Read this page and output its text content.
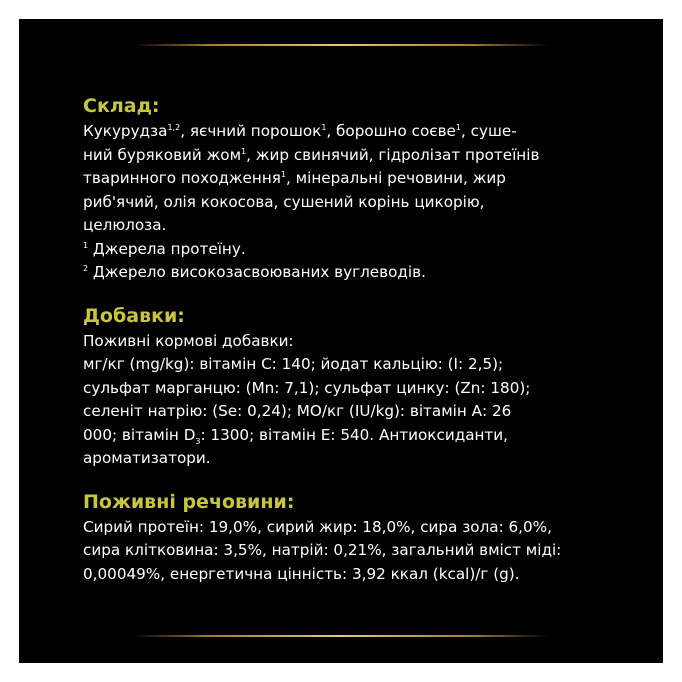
Склад:

Кукурудза$^{1,2}$, яєчний порошок$^1$, борошно соєве$^1$, суше-
ний буряковий жом$^1$, жир свинячий, гідролізат протеїнів
тваринного походження$^1$, мінеральні речовини, жир
риб'ячий, олія кокосова, сушений корінь цикорію,
целюлоза.

$^1$ Джерела протеїну.

$^2$ Джерело високозасвоюваних вуглеводів.

Добавки:

Поживні кормові добавки:
мг/кг (mg/kg): вітамін С: 140; йодат кальцію: (I: 2,5);
сульфат марганцю: (Mn: 7,1); сульфат цинку: (Zn: 180);
селеніт натрію: (Se: 0,24); МО/кг (IU/kg): вітамін А: 26
000; вітамін $D_3$: 1300; вітамін Е: 540. Антиоксиданти,
ароматизатори.

Поживні речовини:

Сирий протеїн: 19,0%, сирий жир: 18,0%, сира зола: 6,0%,
сира клітковина: 3,5%, натрій: 0,21%, загальний вміст міді:
0,00049%, енергетична цінність: 3,92 ккал (kcal)/г (g).
